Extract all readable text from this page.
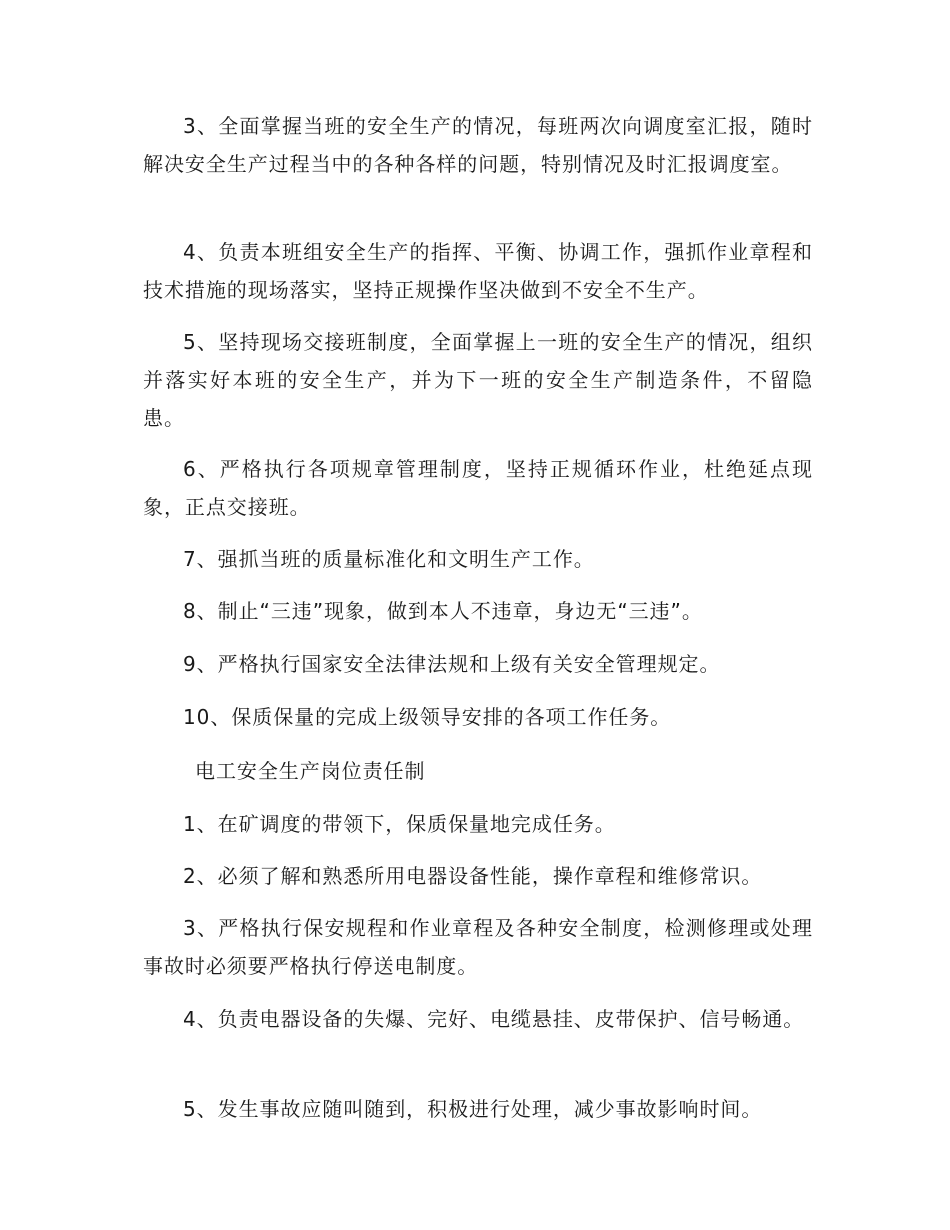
3、全面掌握当班的安全生产的情况，每班两次向调度室汇报，随时解决安全生产过程当中的各种各样的问题，特别情况及时汇报调度室。

4、负责本班组安全生产的指挥、平衡、协调工作，强抓作业章程和技术措施的现场落实，坚持正规操作坚决做到不安全不生产。

5、坚持现场交接班制度，全面掌握上一班的安全生产的情况，组织并落实好本班的安全生产，并为下一班的安全生产制造条件，不留隐患。

6、严格执行各项规章管理制度，坚持正规循环作业，杜绝延点现象，正点交接班。

7、强抓当班的质量标准化和文明生产工作。

8、制止“三违”现象，做到本人不违章，身边无“三违”。

9、严格执行国家安全法律法规和上级有关安全管理规定。

10、保质保量的完成上级领导安排的各项工作任务。

电工安全生产岗位责任制

1、在矿调度的带领下，保质保量地完成任务。

2、必须了解和熟悉所用电器设备性能，操作章程和维修常识。

3、严格执行保安规程和作业章程及各种安全制度，检测修理或处理事故时必须要严格执行停送电制度。

4、负责电器设备的失爆、完好、电缆悬挂、皮带保护、信号畅通。

5、发生事故应随叫随到，积极进行处理，减少事故影响时间。
